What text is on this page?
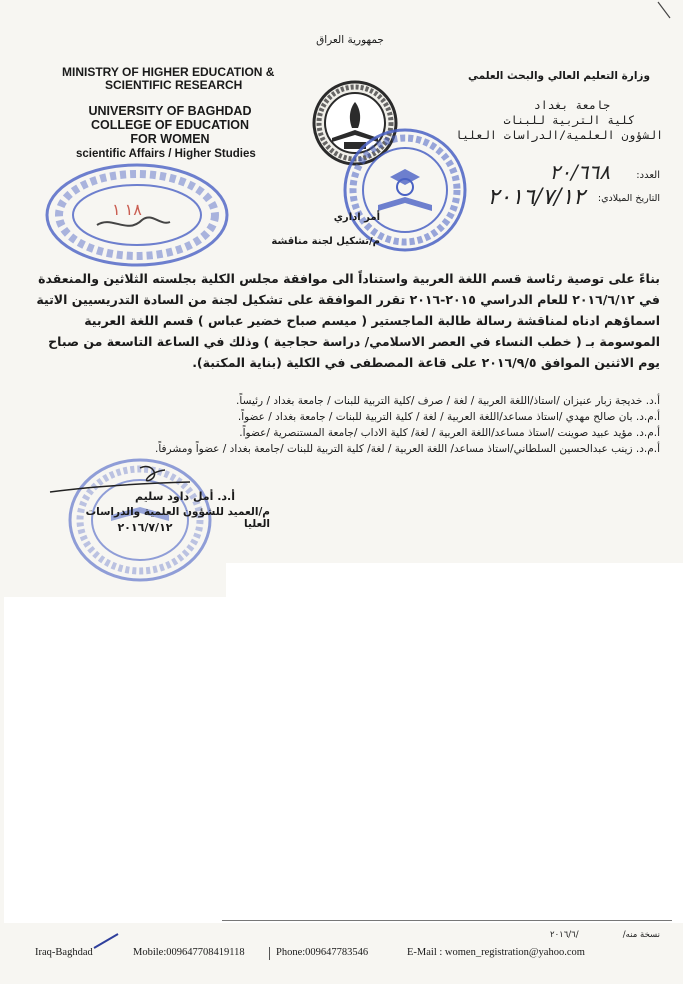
جمهورية العراق
MINISTRY OF HIGHER EDUCATION &
SCIENTIFIC RESEARCH
UNIVERSITY OF BAGHDAD
COLLEGE OF EDUCATION
FOR WOMEN
scientific Affairs / Higher Studies
وزارة التعليم العالي والبحث العلمي
جامعة بغداد
كلية التربية للبنات
الشؤون العلمية/الدراسات العليا
العدد:
٢٠/٦٦٨
التاريخ الميلادي:
٢٠١٦/٧/١٢
١٨ ١	أمر اداري
م/تشكيل لجنة مناقشة
بناءً على توصية رئاسة قسم اللغة العربية واستناداً الى موافقة مجلس الكلية بجلسته الثلاثين والمنعقدة في ٢٠١٦/٦/١٢ للعام الدراسي ٢٠١٥-٢٠١٦ تقرر الموافقة على تشكيل لجنة من السادة التدريسيين الاتية اسماؤهم ادناه لمناقشة رسالة طالبة الماجستير ( ميسم صباح خضير عباس ) قسم اللغة العربية الموسومة بـ ( خطب النساء في العصر الاسلامي/ دراسة حجاجية ) وذلك في الساعة التاسعة من صباح يوم الاثنين الموافق ٢٠١٦/٩/٥ على قاعة المصطفى في الكلية (بناية المكتبة).
أ.د. خديجة زبار عنيزان /استاذ/اللغة العربية / لغة / صرف /كلية التربية للبنات / جامعة بغداد / رئيساً.
أ.م.د. بان صالح مهدي /استاذ مساعد/اللغة العربية / لغة / كلية التربية للبنات / جامعة بغداد / عضواً.
أ.م.د. مؤيد عبيد صوينت /استاذ مساعد/اللغة العربية / لغة/ كلية الاداب /جامعة المستنصرية /عضواً.
أ.م.د. زينب عبدالحسين السلطاني/استاذ مساعد/ اللغة العربية / لغة/ كلية التربية للبنات /جامعة بغداد / عضواً ومشرفاً.
أ.د. أمل داود سليم
م/العميد للشؤون العلمية والدراسات العليا
٢٠١٦/٧/١٢
نسخة منه/
٢٠١٦/٦/
Iraq-Baghdad	Mobile:009647708419118	Phone:009647783546	E-Mail : women_registration@yahoo.com
